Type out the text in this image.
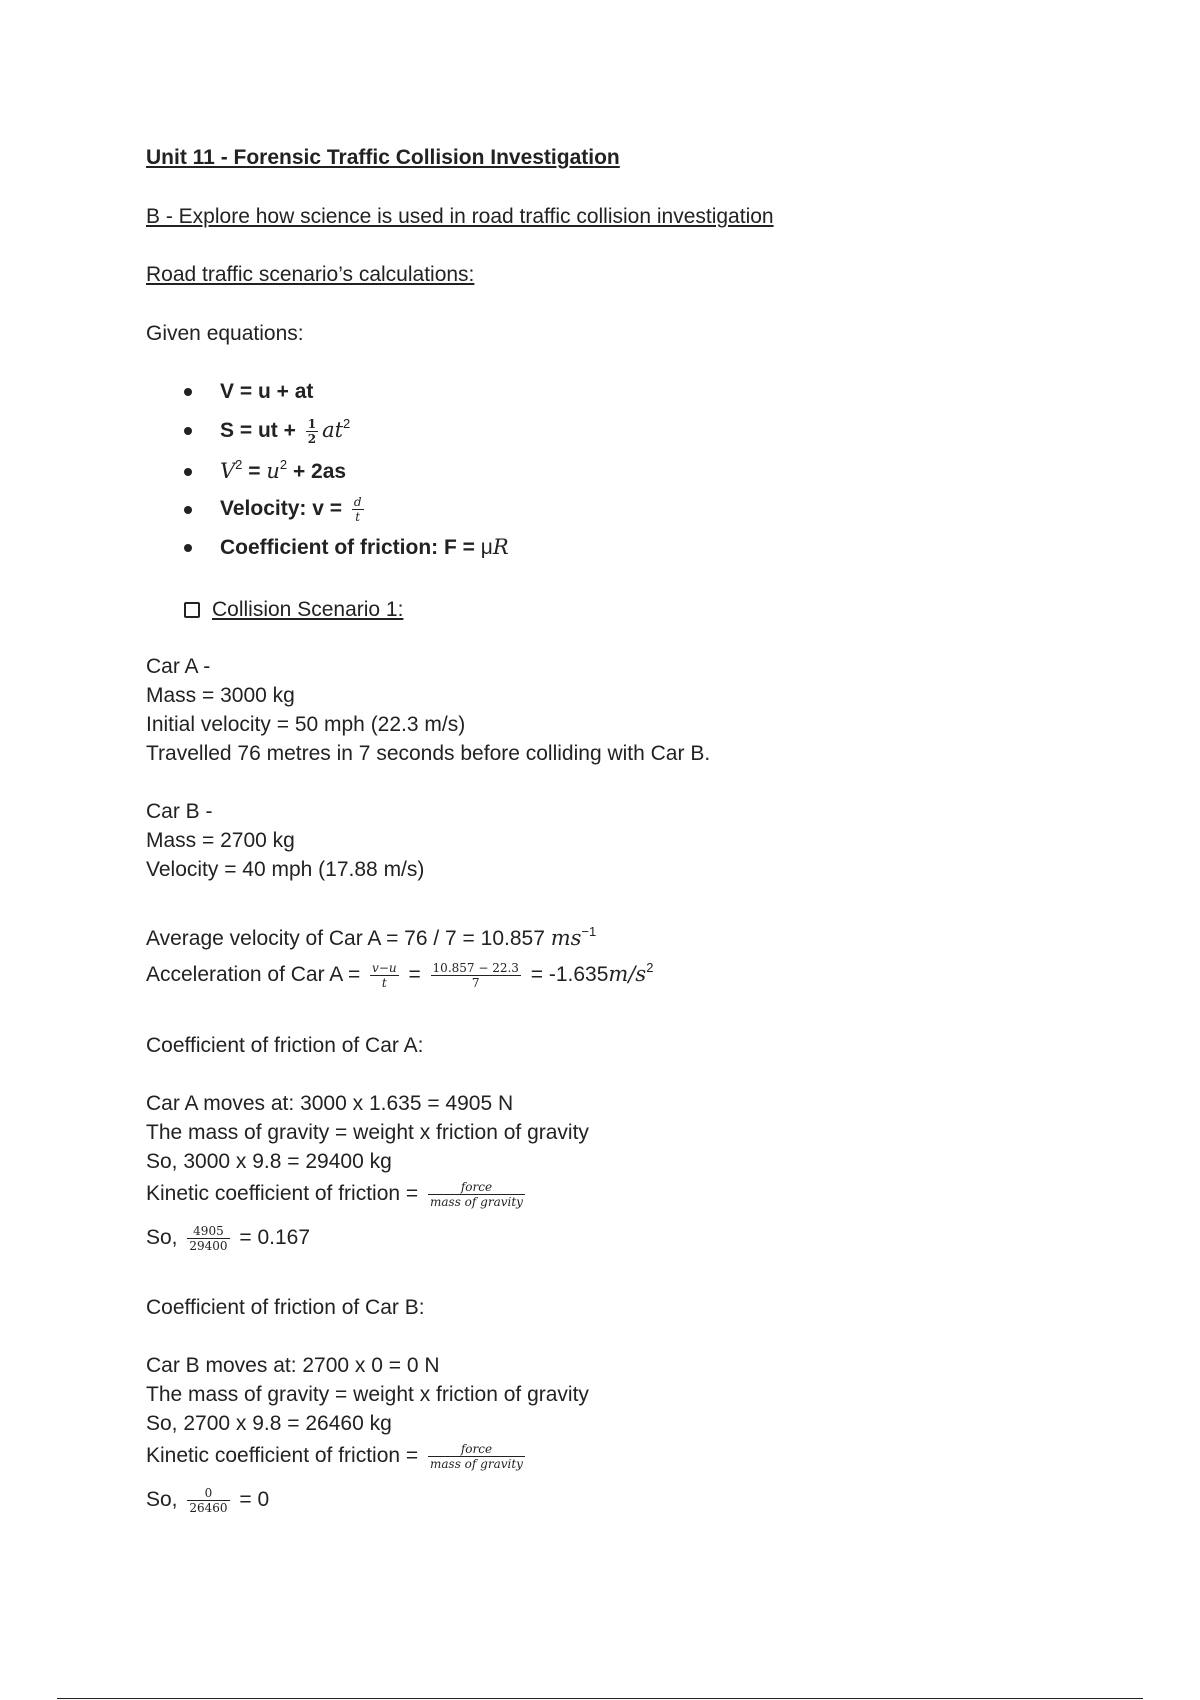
Unit 11 - Forensic Traffic Collision Investigation
B - Explore how science is used in road traffic collision investigation
Road traffic scenario’s calculations:
Given equations:
V = u + at
S = ut + $\frac{1}{2} at^2$
$V^2 = u^2 + 2as$
Velocity: $v = \frac{d}{t}$
Coefficient of friction: F = μR
Collision Scenario 1:
Car A -
Mass = 3000 kg
Initial velocity = 50 mph (22.3 m/s)
Travelled 76 metres in 7 seconds before colliding with Car B.
Car B -
Mass = 2700 kg
Velocity = 40 mph (17.88 m/s)
Average velocity of Car A = 76 / 7 = 10.857 $ms^{-1}$
Acceleration of Car $A = \frac{v-u}{t} = \frac{10.857 - 22.3}{7} = -1.635m/s^2$
Coefficient of friction of Car A:
Car A moves at: 3000 x 1.635 = 4905 N
The mass of gravity = weight x friction of gravity
So, 3000 x 9.8 = 29400 kg
Kinetic coefficient of friction = $\frac{\text{force}}{\text{mass of gravity}}$
So, $\frac{4905}{29400} = 0.167$
Coefficient of friction of Car B:
Car B moves at: 2700 x 0 = 0 N
The mass of gravity = weight x friction of gravity
So, 2700 x 9.8 = 26460 kg
Kinetic coefficient of friction = $\frac{\text{force}}{\text{mass of gravity}}$
So, $\frac{0}{26460} = 0$
